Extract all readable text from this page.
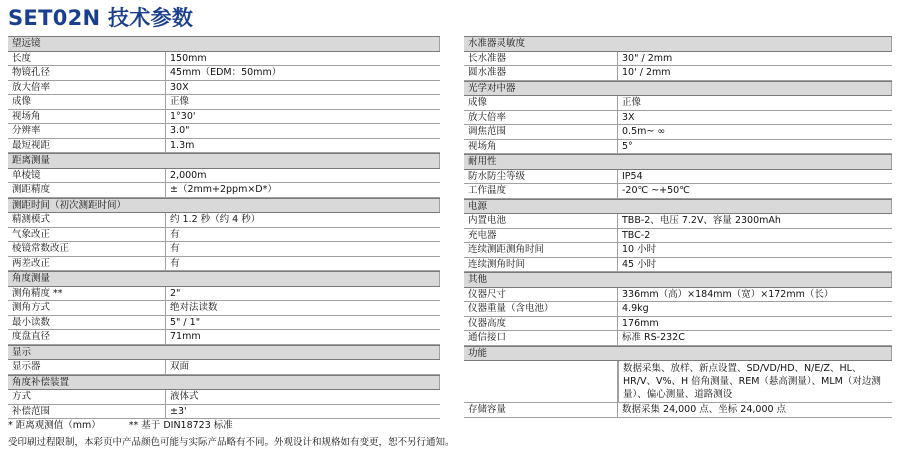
SET02N 技术参数
望远镜
长度	150mm
物镜孔径	45mm（EDM：50mm）
放大倍率	30X
成像	正像
视场角	1°30'
分辨率	3.0"
最短视距	1.3m
距离测量
单棱镜	2,000m
测距精度	±（2mm+2ppm×D*）
测距时间（初次测距时间）
精测模式	约 1.2 秒（约 4 秒）
气象改正	有
棱镜常数改正	有
两差改正	有
角度测量
测角精度 **	2"
测角方式	绝对法读数
最小读数	5" / 1"
度盘直径	71mm
显示
显示器	双面
角度补偿装置
方式	液体式
补偿范围	±3'
水准器灵敏度
长水准器	30" / 2mm
圆水准器	10' / 2mm
光学对中器
成像	正像
放大倍率	3X
调焦范围	0.5m~ ∞
视场角	5°
耐用性
防水防尘等级	IP54
工作温度	-20℃ ~+50℃
电源
内置电池	TBB-2、电压 7.2V、容量 2300mAh
充电器	TBC-2
连续测距测角时间	10 小时
连续测角时间	45 小时
其他
仪器尺寸	336mm（高）×184mm（宽）×172mm（长）
仪器重量（含电池）	4.9kg
仪器高度	176mm
通信接口	标准 RS-232C
功能
数据采集、放样、新点设置、SD/VD/HD、N/E/Z、HL、HR/V、V%、H 倍角测量、REM（悬高测量）、MLM（对边测量）、偏心测量、道路测设
存储容量	数据采集 24,000 点、坐标 24,000 点
* 距离观测值（mm）	** 基于 DIN18723 标准
受印刷过程限制，本彩页中产品颜色可能与实际产品略有不同。外观设计和规格如有变更，恕不另行通知。
